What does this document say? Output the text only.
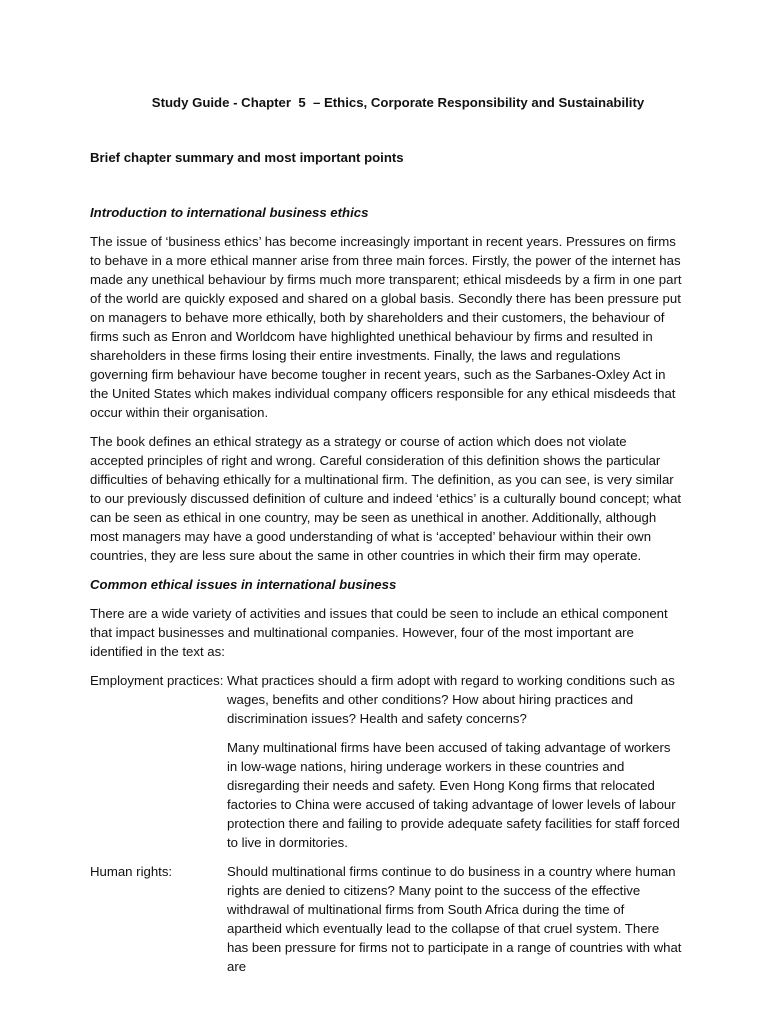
Study Guide - Chapter  5  – Ethics, Corporate Responsibility and Sustainability
Brief chapter summary and most important points
Introduction to international business ethics

The issue of ‘business ethics’ has become increasingly important in recent years. Pressures on firms to behave in a more ethical manner arise from three main forces. Firstly, the power of the internet has made any unethical behaviour by firms much more transparent; ethical misdeeds by a firm in one part of the world are quickly exposed and shared on a global basis. Secondly there has been pressure put on managers to behave more ethically, both by shareholders and their customers, the behaviour of firms such as Enron and Worldcom have highlighted unethical behaviour by firms and resulted in shareholders in these firms losing their entire investments. Finally, the laws and regulations governing firm behaviour have become tougher in recent years, such as the Sarbanes-Oxley Act in the United States which makes individual company officers responsible for any ethical misdeeds that occur within their organisation.

The book defines an ethical strategy as a strategy or course of action which does not violate accepted principles of right and wrong. Careful consideration of this definition shows the particular difficulties of behaving ethically for a multinational firm. The definition, as you can see, is very similar to our previously discussed definition of culture and indeed ‘ethics’ is a culturally bound concept; what can be seen as ethical in one country, may be seen as unethical in another. Additionally, although most managers may have a good understanding of what is ‘accepted’ behaviour within their own countries, they are less sure about the same in other countries in which their firm may operate.

Common ethical issues in international business

There are a wide variety of activities and issues that could be seen to include an ethical component that impact businesses and multinational companies. However, four of the most important are identified in the text as:

Employment practices: What practices should a firm adopt with regard to working conditions such as wages, benefits and other conditions? How about hiring practices and discrimination issues? Health and safety concerns?

Many multinational firms have been accused of taking advantage of workers in low-wage nations, hiring underage workers in these countries and disregarding their needs and safety. Even Hong Kong firms that relocated factories to China were accused of taking advantage of lower levels of labour protection there and failing to provide adequate safety facilities for staff forced to live in dormitories.

Human rights:	Should multinational firms continue to do business in a country where human rights are denied to citizens? Many point to the success of the effective withdrawal of multinational firms from South Africa during the time of apartheid which eventually lead to the collapse of that cruel system. There has been pressure for firms not to participate in a range of countries with what are
